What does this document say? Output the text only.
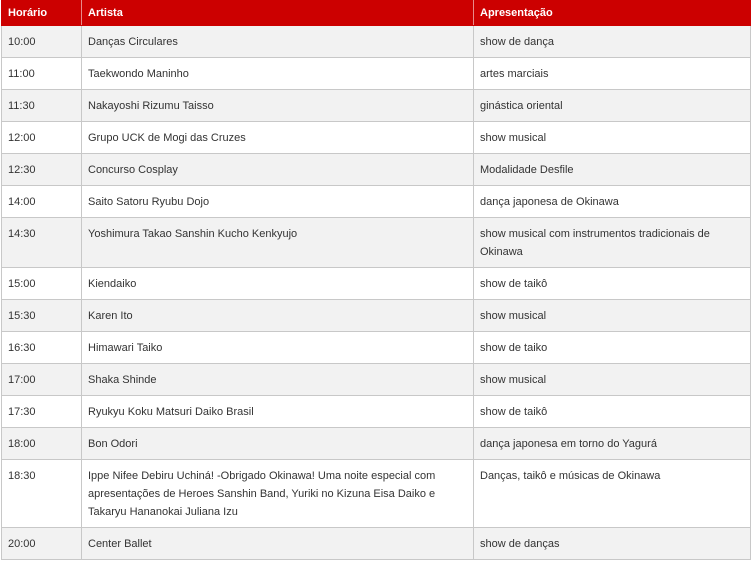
Horário	Artista	Apresentação
10:00	Danças Circulares	show de dança
11:00	Taekwondo Maninho	artes marciais
11:30	Nakayoshi Rizumu Taisso	ginástica oriental
12:00	Grupo UCK de Mogi das Cruzes	show musical
12:30	Concurso Cosplay	Modalidade Desfile
14:00	Saito Satoru Ryubu Dojo	dança japonesa de Okinawa
14:30	Yoshimura Takao Sanshin Kucho Kenkyujo	show musical com instrumentos tradicionais de Okinawa
15:00	Kiendaiko	show de taikô
15:30	Karen Ito	show musical
16:30	Himawari Taiko	show de taiko
17:00	Shaka Shinde	show musical
17:30	Ryukyu Koku Matsuri Daiko Brasil	show de taikô
18:00	Bon Odori	dança japonesa em torno do Yagurá
18:30	Ippe Nifee Debiru Uchiná! -Obrigado Okinawa! Uma noite especial com apresentações de Heroes Sanshin Band, Yuriki no Kizuna Eisa Daiko e Takaryu Hananokai Juliana Izu	Danças, taikô e músicas de Okinawa
20:00	Center Ballet	show de danças
